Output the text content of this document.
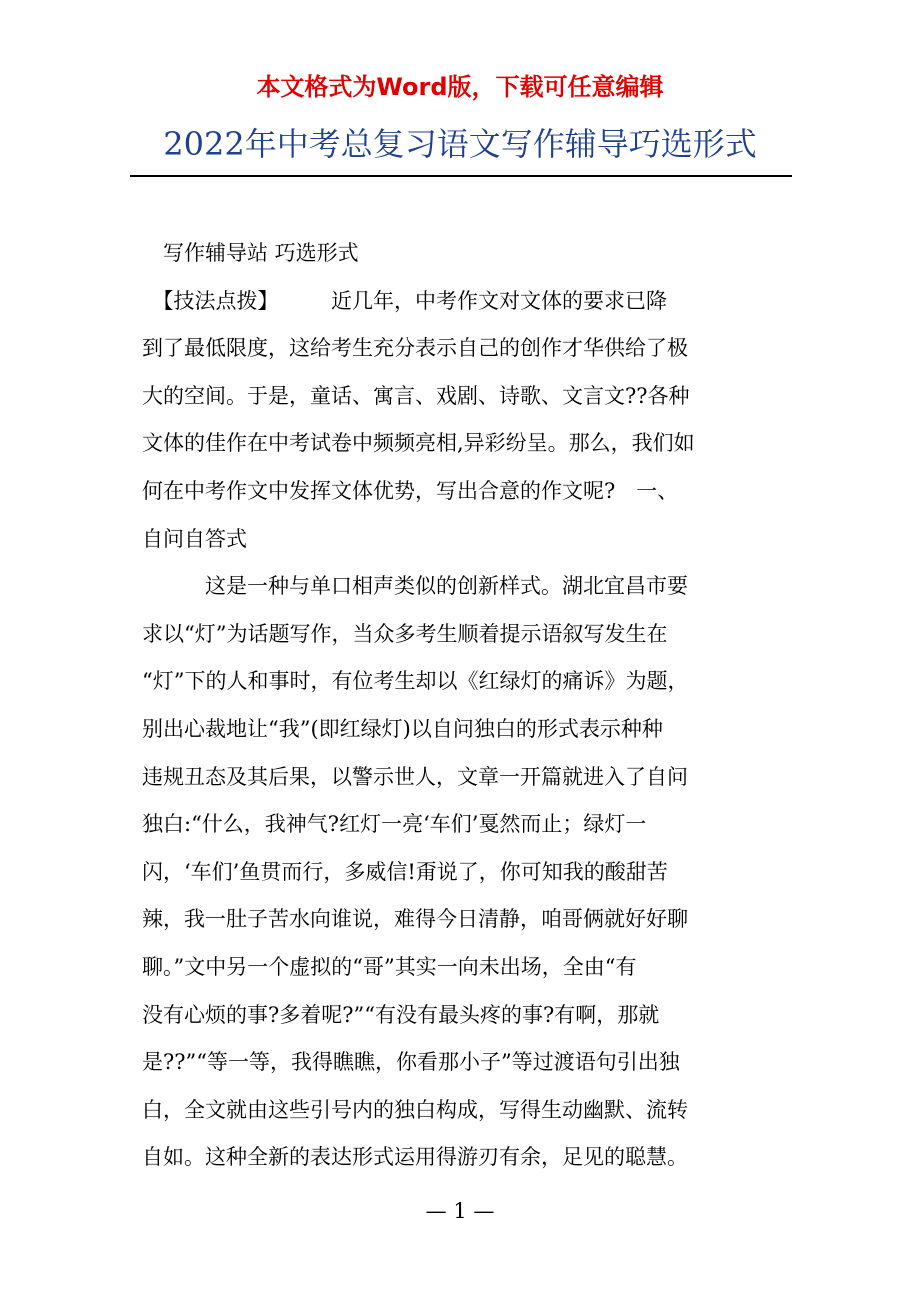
本文格式为Word版，下载可任意编辑
2022年中考总复习语文写作辅导巧选形式
　写作辅导站 巧选形式
　【技法点拨】　　　近几年，中考作文对文体的要求已降
到了最低限度，这给考生充分表示自己的创作才华供给了极
大的空间。于是，童话、寓言、戏剧、诗歌、文言文??各种
文体的佳作在中考试卷中频频亮相,异彩纷呈。那么，我们如
何在中考作文中发挥文体优势，写出合意的作文呢?　一、
自问自答式
　　　这是一种与单口相声类似的创新样式。湖北宜昌市要
求以“灯”为话题写作，当众多考生顺着提示语叙写发生在
“灯”下的人和事时，有位考生却以《红绿灯的痛诉》为题，
别出心裁地让“我”(即红绿灯)以自问独白的形式表示种种
违规丑态及其后果，以警示世人，文章一开篇就进入了自问
独白:“什么，我神气?红灯一亮‘车们’戛然而止；绿灯一
闪，‘车们’鱼贯而行，多威信!甭说了，你可知我的酸甜苦
辣，我一肚子苦水向谁说，难得今日清静，咱哥俩就好好聊
聊。”文中另一个虚拟的“哥”其实一向未出场，全由“有
没有心烦的事?多着呢?”“有没有最头疼的事?有啊，那就
是??”“等一等，我得瞧瞧，你看那小子”等过渡语句引出独
白，全文就由这些引号内的独白构成，写得生动幽默、流转
自如。这种全新的表达形式运用得游刃有余，足见的聪慧。
— 1 —
